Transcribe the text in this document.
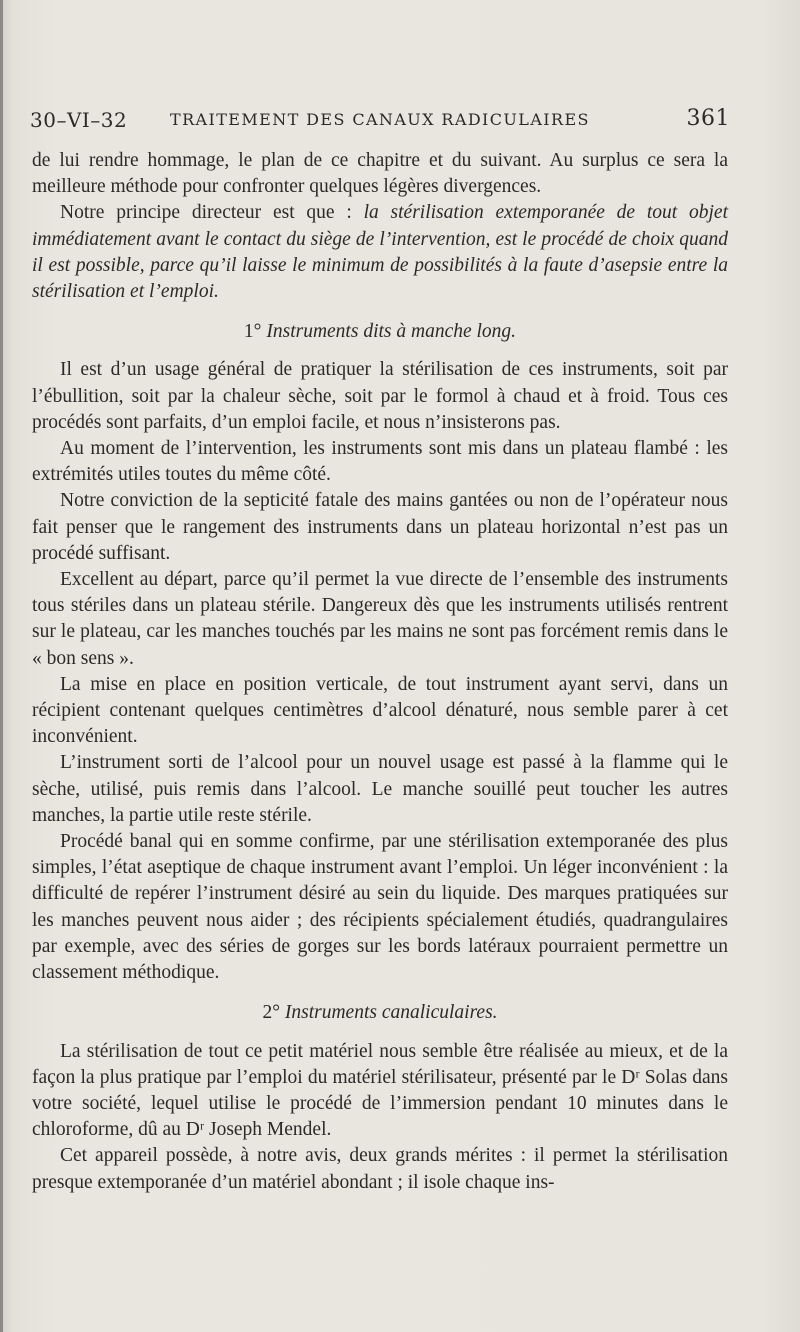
30–VI–32	TRAITEMENT DES CANAUX RADICULAIRES	361

de lui rendre hommage, le plan de ce chapitre et du suivant. Au surplus ce sera la meilleure méthode pour confronter quelques légères divergences.

Notre principe directeur est que : la stérilisation extemporanée de tout objet immédiatement avant le contact du siège de l’intervention, est le procédé de choix quand il est possible, parce qu’il laisse le minimum de possibilités à la faute d’asepsie entre la stérilisation et l’emploi.

1° Instruments dits à manche long.

Il est d’un usage général de pratiquer la stérilisation de ces instruments, soit par l’ébullition, soit par la chaleur sèche, soit par le formol à chaud et à froid. Tous ces procédés sont parfaits, d’un emploi facile, et nous n’insisterons pas.

Au moment de l’intervention, les instruments sont mis dans un plateau flambé : les extrémités utiles toutes du même côté.

Notre conviction de la septicité fatale des mains gantées ou non de l’opérateur nous fait penser que le rangement des instruments dans un plateau horizontal n’est pas un procédé suffisant.

Excellent au départ, parce qu’il permet la vue directe de l’ensemble des instruments tous stériles dans un plateau stérile. Dangereux dès que les instruments utilisés rentrent sur le plateau, car les manches touchés par les mains ne sont pas forcément remis dans le « bon sens ».

La mise en place en position verticale, de tout instrument ayant servi, dans un récipient contenant quelques centimètres d’alcool dénaturé, nous semble parer à cet inconvénient.

L’instrument sorti de l’alcool pour un nouvel usage est passé à la flamme qui le sèche, utilisé, puis remis dans l’alcool. Le manche souillé peut toucher les autres manches, la partie utile reste stérile.

Procédé banal qui en somme confirme, par une stérilisation extemporanée des plus simples, l’état aseptique de chaque instrument avant l’emploi. Un léger inconvénient : la difficulté de repérer l’instrument désiré au sein du liquide. Des marques pratiquées sur les manches peuvent nous aider ; des récipients spécialement étudiés, quadrangulaires par exemple, avec des séries de gorges sur les bords latéraux pourraient permettre un classement méthodique.

2° Instruments canaliculaires.

La stérilisation de tout ce petit matériel nous semble être réalisée au mieux, et de la façon la plus pratique par l’emploi du matériel stérilisateur, présenté par le Dʳ Solas dans votre société, lequel utilise le procédé de l’immersion pendant 10 minutes dans le chloroforme, dû au Dʳ Joseph Mendel.

Cet appareil possède, à notre avis, deux grands mérites : il permet la stérilisation presque extemporanée d’un matériel abondant ; il isole chaque ins-
